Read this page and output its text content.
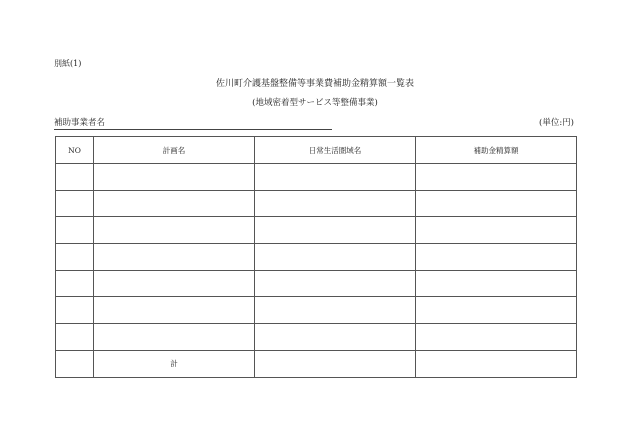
別紙(1)
佐川町介護基盤整備等事業費補助金精算額一覧表
(地域密着型サービス等整備事業)
補助事業者名	(単位:円)
NO	計画名	日常生活圏域名	補助金精算額

	計		
